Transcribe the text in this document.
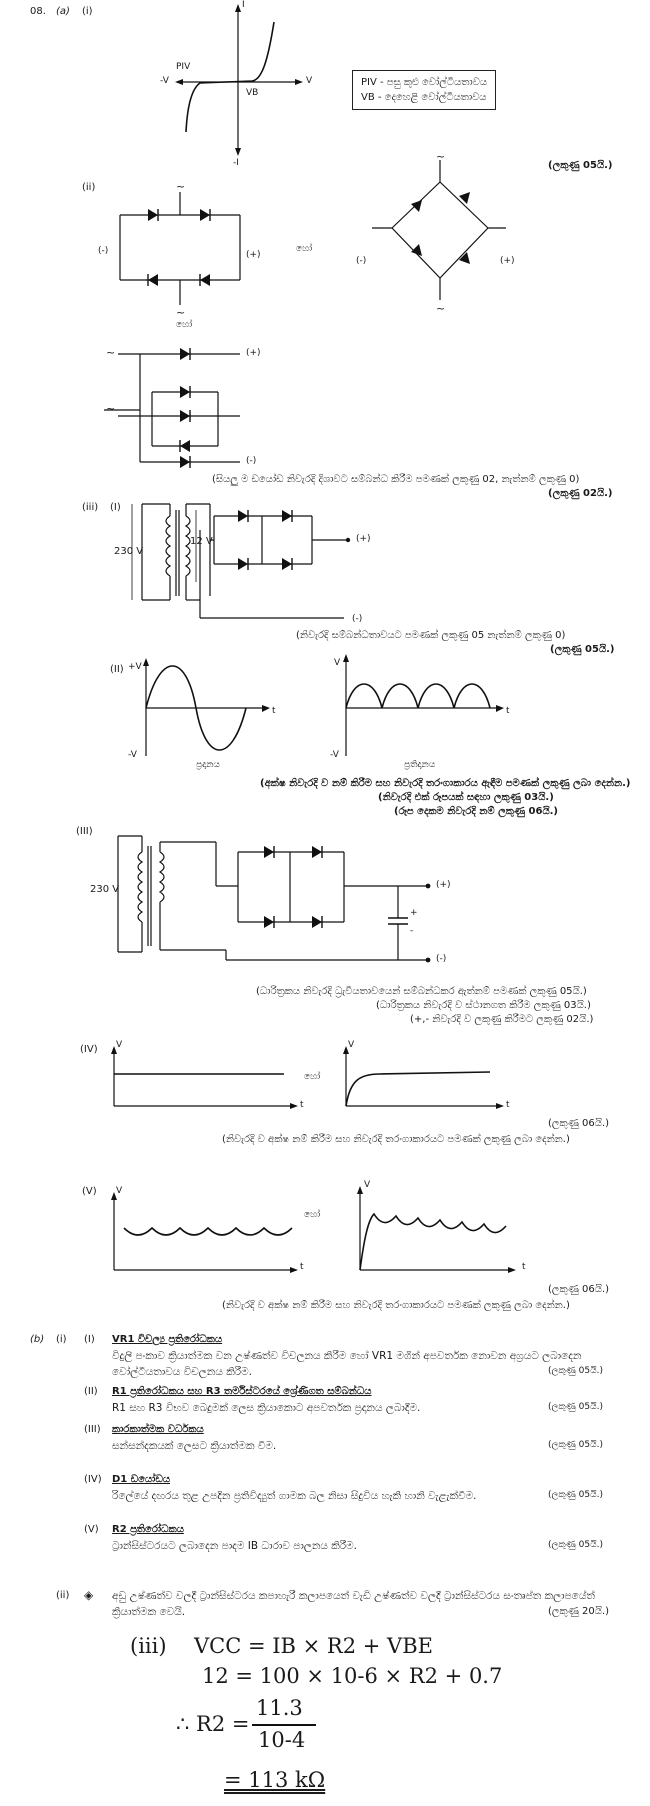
08. (a) (i)
I
-I
V
-V
PIV
VB
PIV - පසු කුළු වෝල්ටීයතාවය
VB - දෙහෙළි වෝල්ටීයතාවය
(ලකුණු 05යි.)
(ii)	~
~
(-)	(+)
හෝ
~
~
(-)	(+)
හෝ
~
~
(+)
(-)
(සියලු ම ඩයෝඩ නිවැරදි දිශාවට සම්බන්ධ කිරීම පමණක් ලකුණු 02, නැත්නම් ලකුණු 0)
(ලකුණු 02යි.)
(iii) (I)
230 V
12 V	(+)
(-)
(නිවැරදි සම්බන්ධතාවයට පමණක් ලකුණු 05 නැත්නම් ලකුණු 0)
(ලකුණු 05යි.)
(II) +V
-V
V
-V
t	t
ප්‍රදානය	ප්‍රතිදානය
(අක්ෂ නිවැරදි ව නම් කිරීම සහ නිවැරදි තරංගාකාරය ඇඳීම පමණක් ලකුණු ලබා දෙන්න.)
(නිවැරදි එක් රූපයක් සඳහා ලකුණු 03යි.)
(රූප දෙකම නිවැරදි නම් ලකුණු 06යි.)
(III)
230 V	(+)
(-)
+
-
(ධාරිත්‍රකය නිවැරදි ධ්‍රැවීයතාවයෙන් සම්බන්ධකර ඇත්නම් පමණක් ලකුණු 05යි.)
(ධාරිත්‍රකය නිවැරදි ව ස්ථානගත කිරීම ලකුණු 03යි.)
(+,- නිවැරදි ව ලකුණු කිරීමට ලකුණු 02යි.)
(IV) V
t
හෝ
V
t
(ලකුණු 06යි.)
(නිවැරදි ව අක්ෂ නම් කිරීම සහ නිවැරදි තරංගාකාරයට පමණක් ලකුණු ලබා දෙන්න.)
(V) V
t
හෝ
V
t
(ලකුණු 06යි.)
(නිවැරදි ව අක්ෂ නම් කිරීම සහ නිවැරදි තරංගාකාරයට පමණක් ලකුණු ලබා දෙන්න.)
(b) (i) (I) VR1 විචල්‍ය ප්‍රතිරෝධකය
විදුලි පංකාව ක්‍රියාත්මක වන උෂ්ණත්ව විචලනය කිරීම හෝ VR1 මගින් අපවර්තක නොවන අග්‍රයට ලබාදෙන
වෝල්ටීයතාවය විචලනය කිරීම.	(ලකුණු 05යි.)
(II) R1 ප්‍රතිරෝධකය සහ R3 තර්මිස්ටරයේ ශ්‍රේණිගත සම්බන්ධය
R1 සහ R3 විභව බෙදුමක් ලෙස ක්‍රියාකොට අපවර්තක ප්‍රදානය ලබාදීම.	(ලකුණු 05යි.)
(III) කාරකාත්මක වර්ධකය
සන්සන්දකයක් ලෙසට ක්‍රියාත්මක වීම.	(ලකුණු 05යි.)
(IV) D1 ඩයෝඩය
රිලේයේ දඟරය තුළ උපදින ප්‍රතිවිද්‍යුත් ගාමක බල නිසා සිදුවිය හැකි හානි වැළැක්වීම.	(ලකුණු 05යි.)
(V) R2 ප්‍රතිරෝධකය
ට්‍රාන්සිස්ටරයට ලබාදෙන පාදම IB ධාරාව පාලනය කිරීම.	(ලකුණු 05යි.)
(ii) ◈ අඩු උෂ්ණත්ව වලදී ට්‍රාන්සිස්ටරය කපාහැරී කලාපයෙත් වැඩි උෂ්ණත්ව වලදී ට්‍රාන්සිස්ටරය සංතෘප්ත කලාපයේත්
ක්‍රියාත්මක වෙයි.	(ලකුණු 20යි.)
(iii) VCC = IB × R2 + VBE
12 = 100 × 10-6 × R2 + 0.7
∴ R2 =
11.3
10-4
= 113 kΩ
